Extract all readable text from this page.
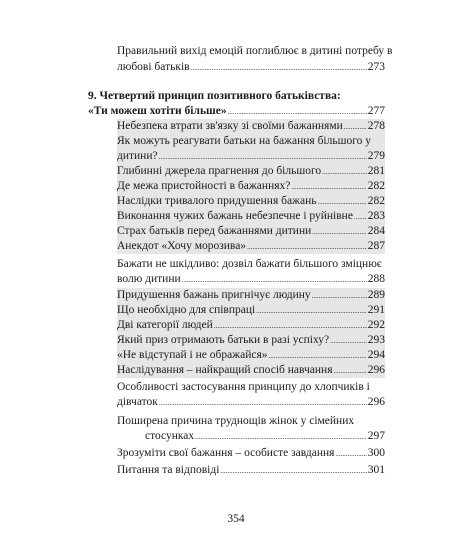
Правильний вихід емоцій поглиблює в дитині потребу в
любові батьків .....	273
9. Четвертий принцип позитивного батьківства:
«Ти можеш хотіти більше» .....	277
Небезпека втрати зв'язку зі своїми бажаннями ..... 278
Як можуть реагувати батьки на бажання більшого у
дитини? .....	279
Глибинні джерела прагнення до більшого .....	281
Де межа пристойності в бажаннях? .....	282
Наслідки тривалого придушення бажань .....	282
Виконання чужих бажань небезпечне і руйнівне ..... 283
Страх батьків перед бажаннями дитини .....	284
Анекдот «Хочу морозива» .....	287
Бажати не шкідливо: дозвіл бажати більшого зміцнює
волю дитини .....	288
Придушення бажань пригнічує людину .....	289
Що необхідно для співпраці .....	291
Дві категорії людей .....	292
Який приз отримають батьки в разі успіху? .....	293
«Не відступай і не ображайся» .....	294
Наслідування – найкращий спосіб навчання .....	296
Особливості застосування принципу до хлопчиків і
дівчаток .....	296
Поширена причина труднощів жінок у сімейних
стосунках .....	297
Зрозуміти свої бажання – особисте завдання .....	300
Питання та відповіді .....	301
354
